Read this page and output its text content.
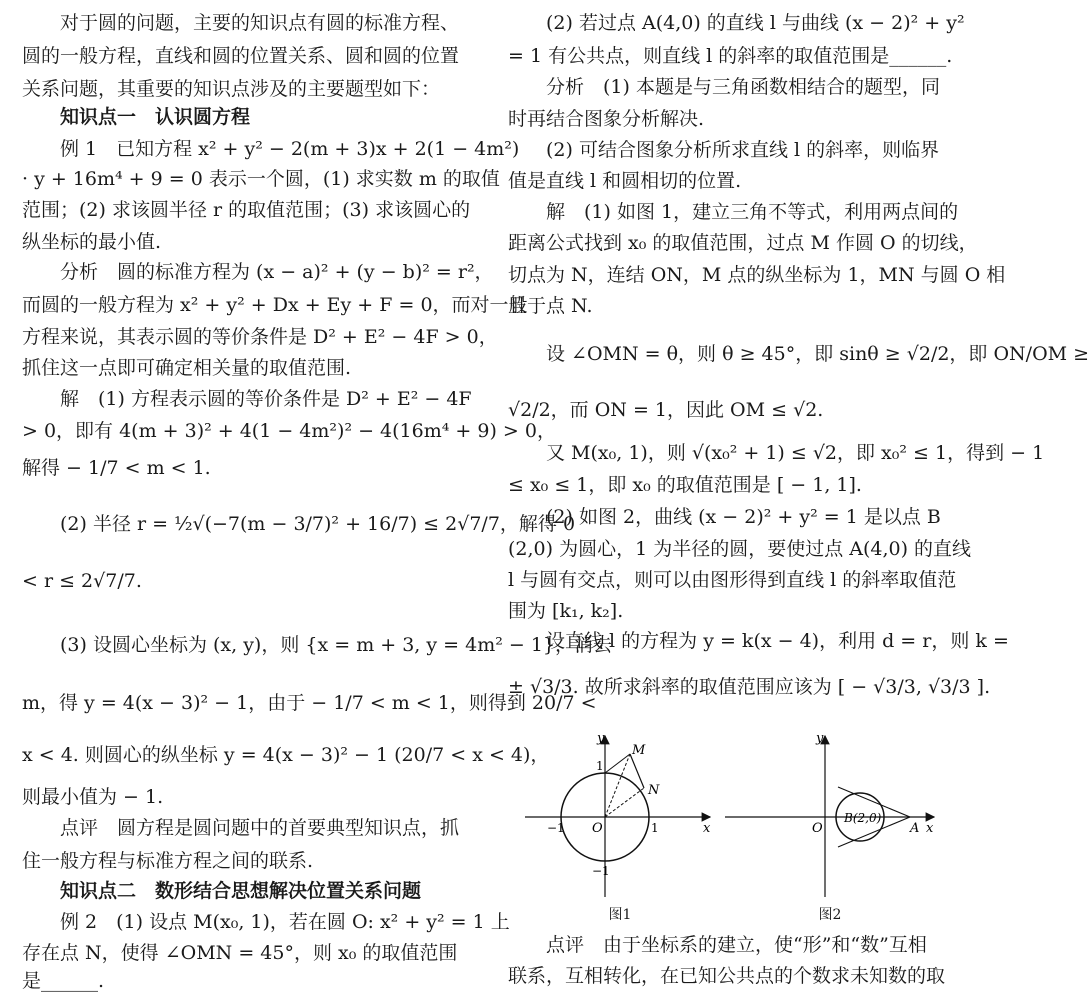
对于圆的问题，主要的知识点有圆的标准方程、
圆的一般方程，直线和圆的位置关系、圆和圆的位置
关系问题，其重要的知识点涉及的主要题型如下：
知识点一　认识圆方程
例 1　已知方程 x² + y² − 2(m + 3)x + 2(1 − 4m²)
· y + 16m⁴ + 9 = 0 表示一个圆，(1) 求实数 m 的取值
范围；(2) 求该圆半径 r 的取值范围；(3) 求该圆心的
纵坐标的最小值.
分析　圆的标准方程为 (x − a)² + (y − b)² = r²，
而圆的一般方程为 x² + y² + Dx + Ey + F = 0，而对一般
方程来说，其表示圆的等价条件是 D² + E² − 4F > 0，
抓住这一点即可确定相关量的取值范围.
解　(1) 方程表示圆的等价条件是 D² + E² − 4F
> 0，即有 4(m + 3)² + 4(1 − 4m²)² − 4(16m⁴ + 9) > 0，
解得 − 1/7 < m < 1.
(2) 半径 r = ½√(−7(m − 3/7)² + 16/7) ≤ 2√7/7，解得 0
< r ≤ 2√7/7.
(3) 设圆心坐标为 (x, y)，则 {x = m + 3, y = 4m² − 1}，消去
m，得 y = 4(x − 3)² − 1，由于 − 1/7 < m < 1，则得到 20/7 <
x < 4. 则圆心的纵坐标 y = 4(x − 3)² − 1 (20/7 < x < 4)，
则最小值为 − 1.
点评　圆方程是圆问题中的首要典型知识点，抓
住一般方程与标准方程之间的联系.
知识点二　数形结合思想解决位置关系问题
例 2　(1) 设点 M(x₀, 1)，若在圆 O: x² + y² = 1 上
存在点 N，使得 ∠OMN = 45°，则 x₀ 的取值范围
是______.
(2) 若过点 A(4,0) 的直线 l 与曲线 (x − 2)² + y²
= 1 有公共点，则直线 l 的斜率的取值范围是______.
分析　(1) 本题是与三角函数相结合的题型，同
时再结合图象分析解决.
(2) 可结合图象分析所求直线 l 的斜率，则临界
值是直线 l 和圆相切的位置.
解　(1) 如图 1，建立三角不等式，利用两点间的
距离公式找到 x₀ 的取值范围，过点 M 作圆 O 的切线，
切点为 N，连结 ON，M 点的纵坐标为 1，MN 与圆 O 相
且于点 N.
设 ∠OMN = θ，则 θ ≥ 45°，即 sinθ ≥ √2/2，即 ON/OM ≥
√2/2，而 ON = 1，因此 OM ≤ √2.
又 M(x₀, 1)，则 √(x₀² + 1) ≤ √2，即 x₀² ≤ 1，得到 − 1
≤ x₀ ≤ 1，即 x₀ 的取值范围是 [ − 1, 1].
(2) 如图 2，曲线 (x − 2)² + y² = 1 是以点 B
(2,0) 为圆心，1 为半径的圆，要使过点 A(4,0) 的直线
l 与圆有交点，则可以由图形得到直线 l 的斜率取值范
围为 [k₁, k₂].
设直线 l 的方程为 y = k(x − 4)，利用 d = r，则 k =
± √3/3. 故所求斜率的取值范围应该为 [ − √3/3, √3/3 ].
点评　由于坐标系的建立，使“形”和“数”互相
联系，互相转化，在已知公共点的个数求未知数的取
y
M
N
O	x
1
1
−1
−1
图1
y
O
B(2,0)
A x
图2
